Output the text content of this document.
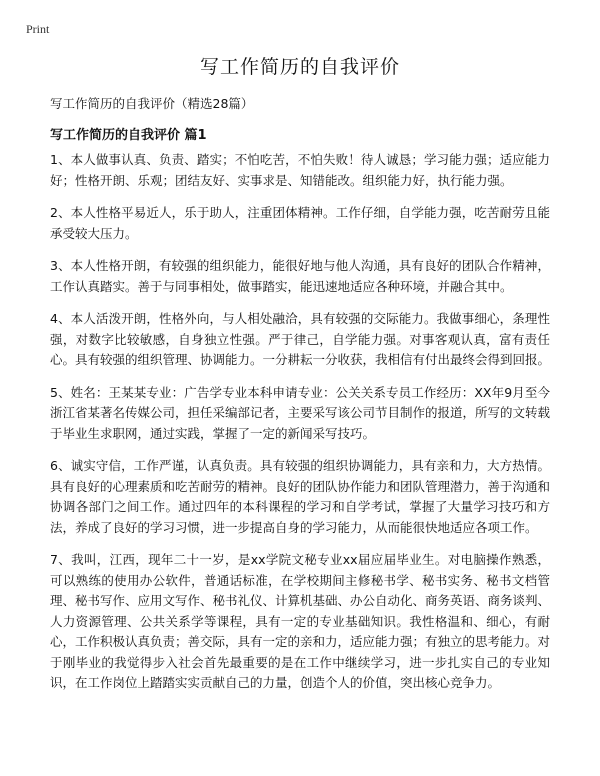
Print
写工作简历的自我评价

写工作简历的自我评价（精选28篇）

写工作简历的自我评价 篇1

1、本人做事认真、负责、踏实；不怕吃苦，不怕失败！待人诚恳；学习能力强；适应能力好；性格开朗、乐观；团结友好、实事求是、知错能改。组织能力好，执行能力强。

2、本人性格平易近人，乐于助人，注重团体精神。工作仔细，自学能力强，吃苦耐劳且能承受较大压力。

3、本人性格开朗，有较强的组织能力，能很好地与他人沟通，具有良好的团队合作精神，工作认真踏实。善于与同事相处，做事踏实，能迅速地适应各种环境，并融合其中。

4、本人活泼开朗，性格外向，与人相处融洽，具有较强的交际能力。我做事细心，条理性强，对数字比较敏感，自身独立性强。严于律己，自学能力强。对事客观认真，富有责任心。具有较强的组织管理、协调能力。一分耕耘一分收获，我相信有付出最终会得到回报。

5、姓名：王某某专业：广告学专业本科申请专业：公关关系专员工作经历：XX年9月至今浙江省某著名传媒公司，担任采编部记者，主要采写该公司节目制作的报道，所写的文转载于毕业生求职网，通过实践，掌握了一定的新闻采写技巧。

6、诚实守信，工作严谨，认真负责。具有较强的组织协调能力，具有亲和力，大方热情。具有良好的心理素质和吃苦耐劳的精神。良好的团队协作能力和团队管理潜力，善于沟通和协调各部门之间工作。通过四年的本科课程的学习和自学考试，掌握了大量学习技巧和方法，养成了良好的学习习惯，进一步提高自身的学习能力，从而能很快地适应各项工作。

7、我叫，江西，现年二十一岁，是xx学院文秘专业xx届应届毕业生。对电脑操作熟悉，可以熟练的使用办公软件，普通话标准，在学校期间主修秘书学、秘书实务、秘书文档管理、秘书写作、应用文写作、秘书礼仪、计算机基础、办公自动化、商务英语、商务谈判、人力资源管理、公共关系学等课程，具有一定的专业基础知识。我性格温和、细心，有耐心，工作积极认真负责；善交际，具有一定的亲和力，适应能力强；有独立的思考能力。对于刚毕业的我觉得步入社会首先最重要的是在工作中继续学习，进一步扎实自己的专业知识，在工作岗位上踏踏实实贡献自己的力量，创造个人的价值，突出核心竞争力。
